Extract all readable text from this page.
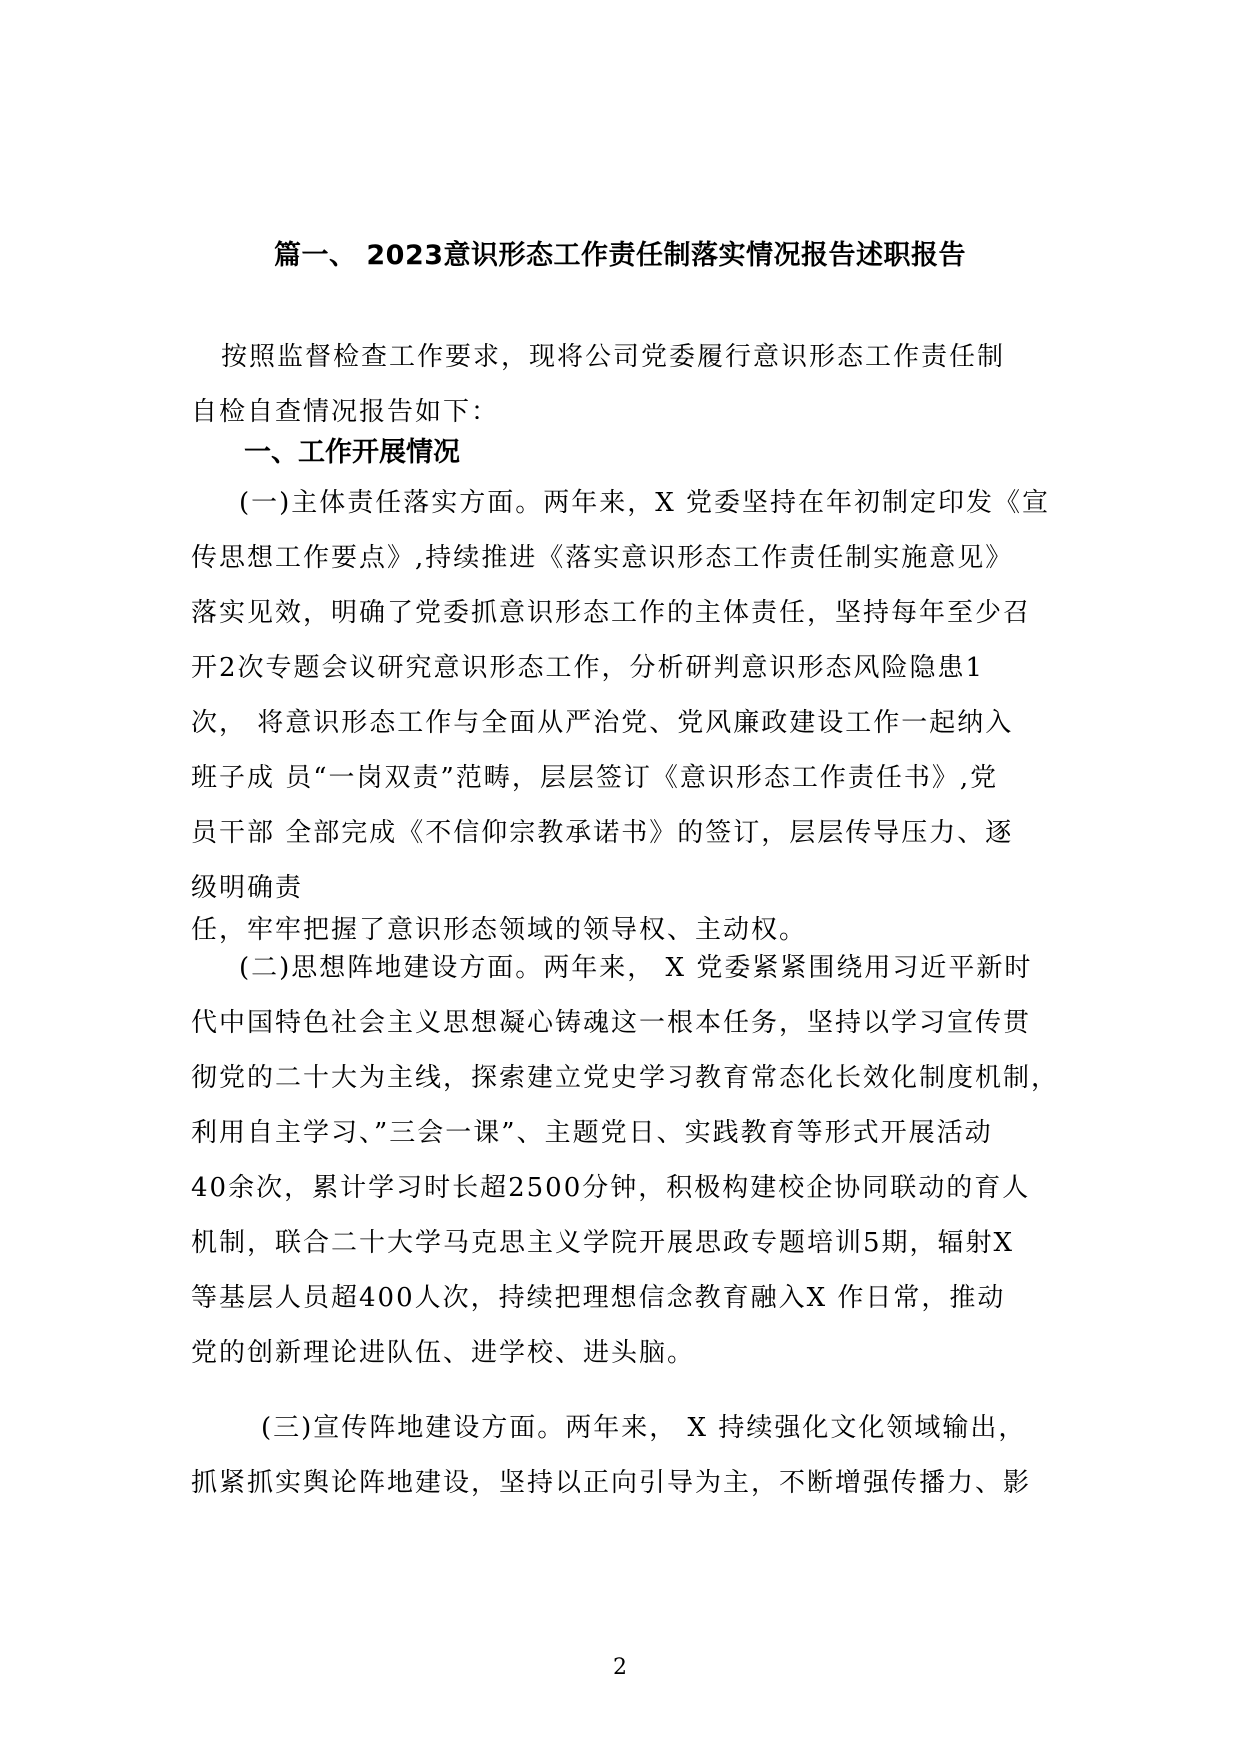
篇一、 2023意识形态工作责任制落实情况报告述职报告
按照监督检查工作要求，现将公司党委履行意识形态工作责任制
自检自查情况报告如下：
一、工作开展情况
(一)主体责任落实方面。两年来，X 党委坚持在年初制定印发《宣
传思想工作要点》,持续推进《落实意识形态工作责任制实施意见》
落实见效，明确了党委抓意识形态工作的主体责任，坚持每年至少召
开2次专题会议研究意识形态工作，分析研判意识形态风险隐患1
次， 将意识形态工作与全面从严治党、党风廉政建设工作一起纳入
班子成 员“一岗双责”范畴，层层签订《意识形态工作责任书》,党
员干部 全部完成《不信仰宗教承诺书》的签订，层层传导压力、逐
级明确责
任，牢牢把握了意识形态领域的领导权、主动权。
(二)思想阵地建设方面。两年来， X 党委紧紧围绕用习近平新时
代中国特色社会主义思想凝心铸魂这一根本任务，坚持以学习宣传贯
彻党的二十大为主线，探索建立党史学习教育常态化长效化制度机制，
利用自主学习、”三会一课”、主题党日、实践教育等形式开展活动
40余次，累计学习时长超2500分钟，积极构建校企协同联动的育人
机制，联合二十大学马克思主义学院开展思政专题培训5期，辐射X
等基层人员超400人次，持续把理想信念教育融入X 作日常，推动
党的创新理论进队伍、进学校、进头脑。
(三)宣传阵地建设方面。两年来， X 持续强化文化领域输出，
抓紧抓实舆论阵地建设，坚持以正向引导为主，不断增强传播力、影
2
